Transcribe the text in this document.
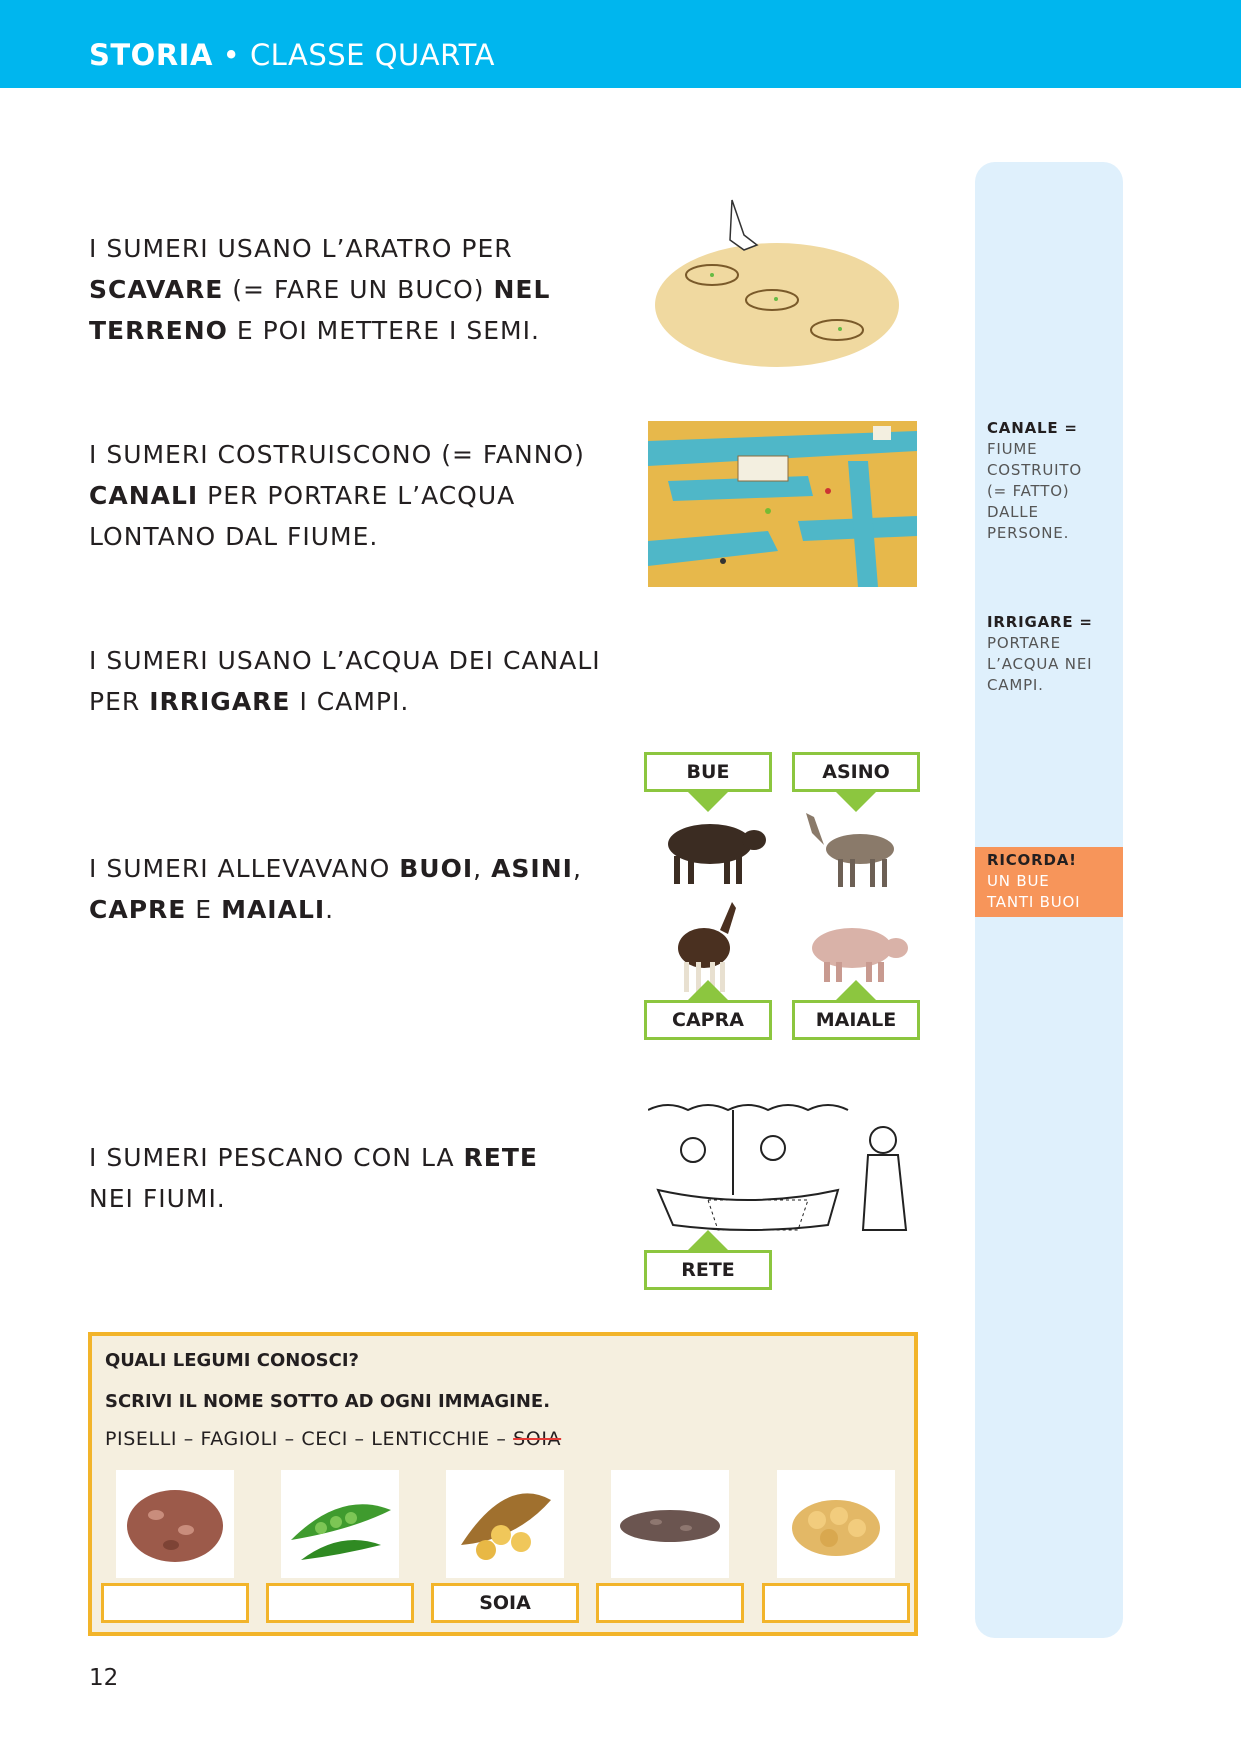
STORIA • CLASSE QUARTA
CANALE =
FIUME
COSTRUITO
(= FATTO)
DALLE
PERSONE.
IRRIGARE =
PORTARE
L’ACQUA NEI
CAMPI.
RICORDA!
UN BUE
TANTI BUOI
I SUMERI USANO L’ARATRO PER
SCAVARE (= FARE UN BUCO) NEL
TERRENO E POI METTERE I SEMI.
I SUMERI COSTRUISCONO (= FANNO)
CANALI PER PORTARE L’ACQUA
LONTANO DAL FIUME.
I SUMERI USANO L’ACQUA DEI CANALI
PER IRRIGARE I CAMPI.
BUE	ASINO
CAPRA	MAIALE
I SUMERI ALLEVAVANO BUOI, ASINI,
CAPRE E MAIALI.
RETE
I SUMERI PESCANO CON LA RETE
NEI FIUMI.
QUALI LEGUMI CONOSCI?
SCRIVI IL NOME SOTTO AD OGNI IMMAGINE.
PISELLI – FAGIOLI – CECI – LENTICCHIE – SOIA
SOIA
12
